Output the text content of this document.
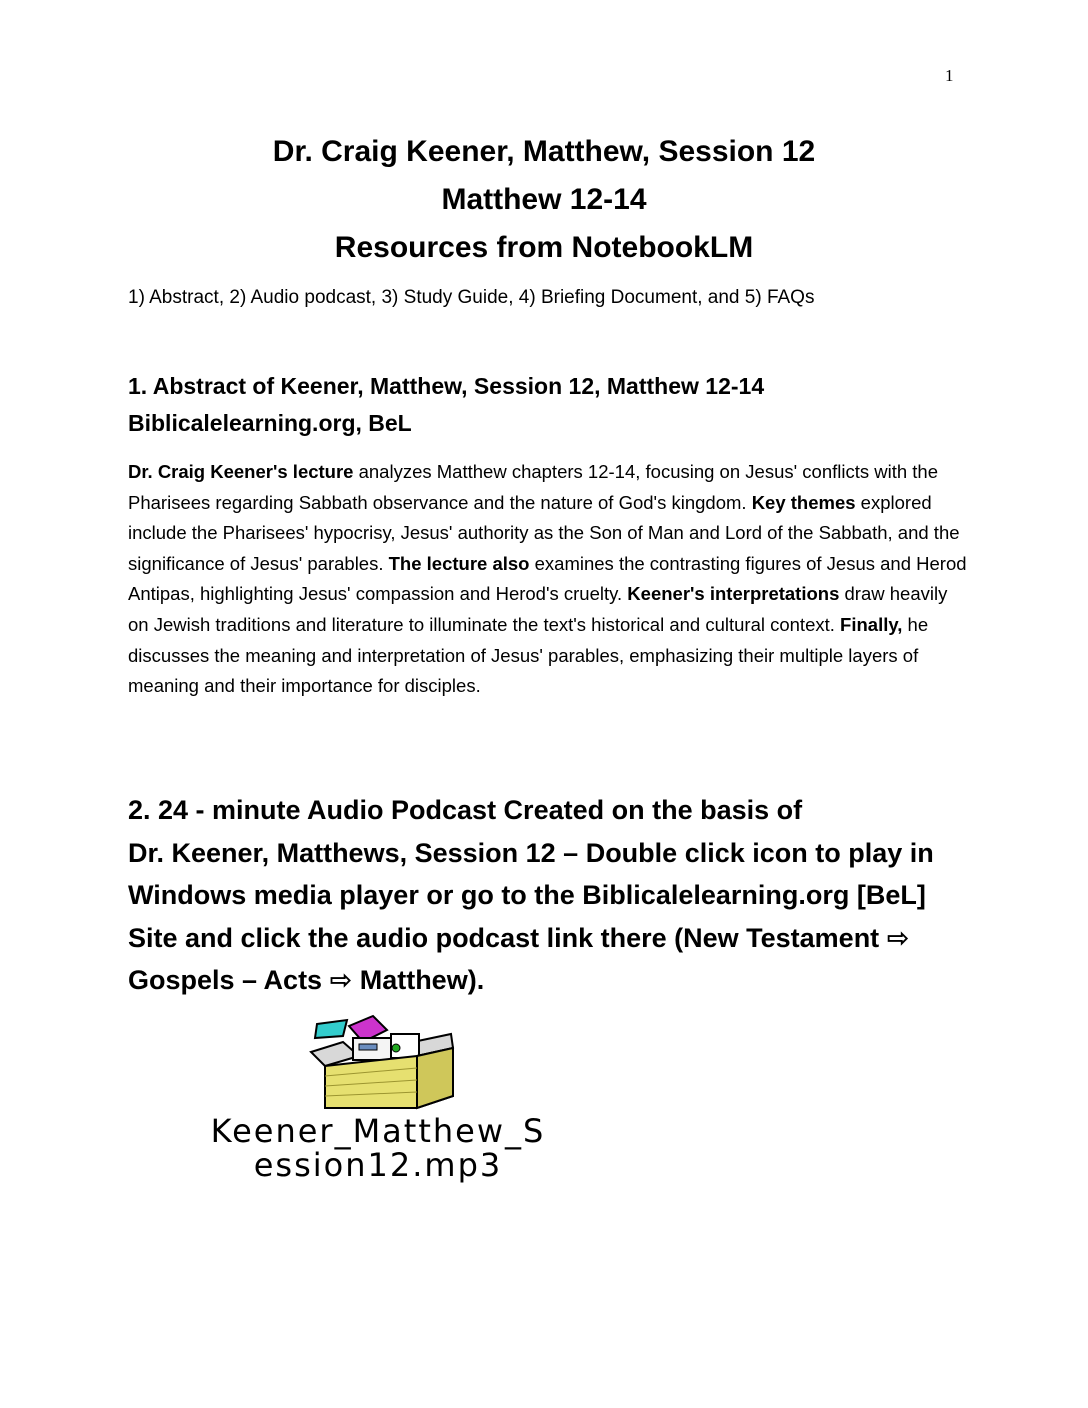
1
Dr. Craig Keener, Matthew, Session 12
Matthew 12-14
Resources from NotebookLM
1) Abstract, 2) Audio podcast, 3) Study Guide, 4) Briefing Document, and 5) FAQs
1. Abstract of Keener, Matthew, Session 12, Matthew 12-14
Biblicalelearning.org, BeL
Dr. Craig Keener's lecture analyzes Matthew chapters 12-14, focusing on Jesus' conflicts with the Pharisees regarding Sabbath observance and the nature of God's kingdom. Key themes explored include the Pharisees' hypocrisy, Jesus' authority as the Son of Man and Lord of the Sabbath, and the significance of Jesus' parables. The lecture also examines the contrasting figures of Jesus and Herod Antipas, highlighting Jesus' compassion and Herod's cruelty. Keener's interpretations draw heavily on Jewish traditions and literature to illuminate the text's historical and cultural context. Finally, he discusses the meaning and interpretation of Jesus' parables, emphasizing their multiple layers of meaning and their importance for disciples.
2. 24 - minute Audio Podcast Created on the basis of
Dr. Keener, Matthews, Session 12 – Double click icon to play in
Windows media player or go to the Biblicalelearning.org [BeL]
Site and click the audio podcast link there (New Testament ⇨
Gospels – Acts ⇨ Matthew).
Keener_Matthew_S
ession12.mp3
